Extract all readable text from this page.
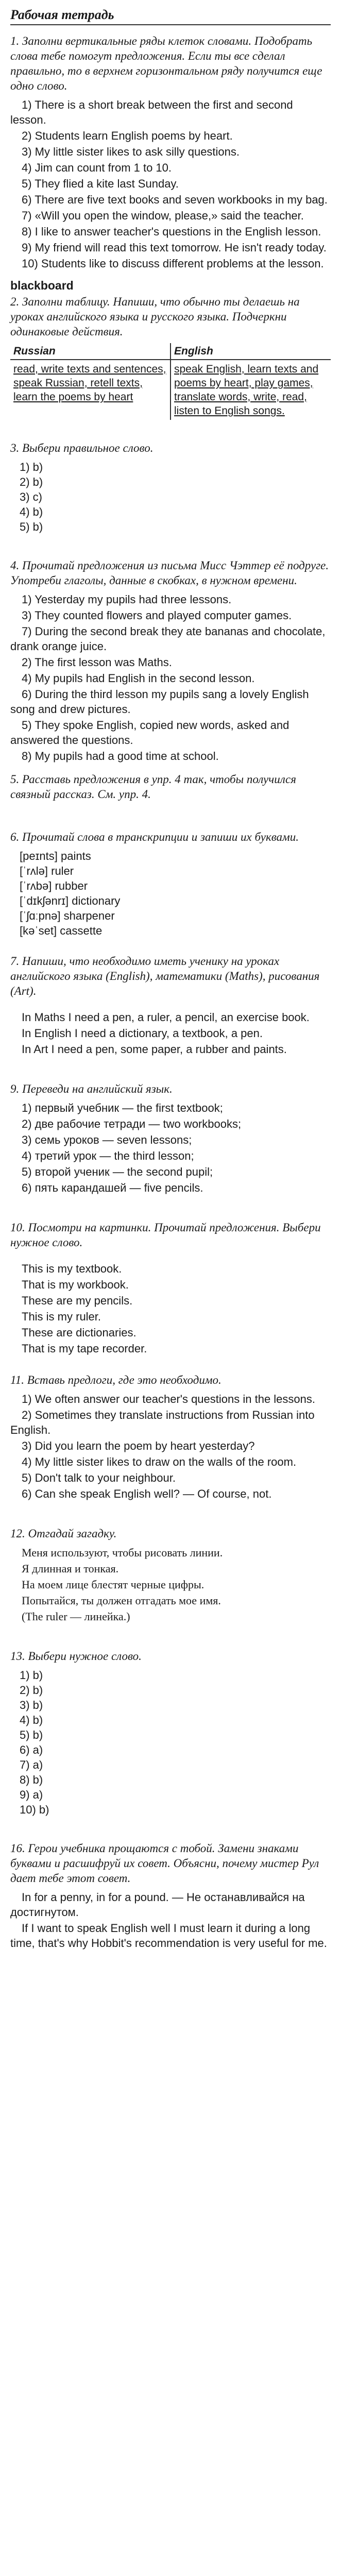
Рабочая тетрадь
1. Заполни вертикальные ряды клеток словами. Подобрать слова тебе помогут предложения. Если ты все сделал правильно, то в верхнем горизонтальном ряду получится еще одно слово.

1) There is a short break between the first and second lesson.

2) Students learn English poems by heart.

3) My little sister likes to ask silly questions.

4) Jim can count from 1 to 10.

5) They flied a kite last Sunday.

6) There are five text books and seven workbooks in my bag.

7) «Will you open the window, please,» said the teacher.

8) I like to answer teacher's questions in the English lesson.

9) My friend will read this text tomorrow. He isn't ready today.

10) Students like to discuss different problems at the lesson.

blackboard
2. Заполни таблицу. Напиши, что обычно ты делаешь на уроках английского языка и русского языка. Подчеркни одинаковые действия.
Russian	English
read, write texts and sentences, speak Russian, retell texts, learn the poems by heart	speak English, learn texts and poems by heart, play games, translate words, write, read, listen to English songs.
3. Выбери правильное слово.

1) b)

2) b)

3) c)

4) b)

5) b)

4. Прочитай предложения из письма Мисс Чэттер её подруге. Употреби глаголы, данные в скобках, в нужном времени.

1) Yesterday my pupils had three lessons.

3) They counted flowers and played computer games.

7) During the second break they ate bananas and chocolate, drank orange juice.

2) The first lesson was Maths.

4) My pupils had English in the second lesson.

6) During the third lesson my pupils sang a lovely English song and drew pictures.

5) They spoke English, copied new words, asked and answered the questions.

8) My pupils had a good time at school.

5. Расставь предложения в упр. 4 так, чтобы получился связный рассказ. См. упр. 4.
6. Прочитай слова в транскрипции и запиши их буквами.

[peɪnts] paints

[ˈrʌlə] ruler

[ˈrʌbə] rubber

[ˈdɪkʃənrɪ] dictionary

[ˈʃɑːpnə] sharpener

[kəˈset] cassette

7. Напиши, что необходимо иметь ученику на уроках английского языка (English), математики (Maths), рисования (Art).

In Maths I need a pen, a ruler, a pencil, an exercise book.

In English I need a dictionary, a textbook, a pen.

In Art I need a pen, some paper, a rubber and paints.

9. Переведи на английский язык.

1) первый учебник — the first textbook;

2) две рабочие тетради — two workbooks;

3) семь уроков — seven lessons;

4) третий урок — the third lesson;

5) второй ученик — the second pupil;

6) пять карандашей — five pencils.

10. Посмотри на картинки. Прочитай предложения. Выбери нужное слово.

This is my textbook.

That is my workbook.

These are my pencils.

This is my ruler.

These are dictionaries.

That is my tape recorder.

11. Вставь предлоги, где это необходимо.

1) We often answer our teacher's questions in the lessons.

2) Sometimes they translate instructions from Russian into English.

3) Did you learn the poem by heart yesterday?

4) My little sister likes to draw on the walls of the room.

5) Don't talk to your neighbour.

6) Can she speak English well? — Of course, not.

12. Отгадай загадку.

Меня используют, чтобы рисовать линии.

Я длинная и тонкая.

На моем лице блестят черные цифры.

Попытайся, ты должен отгадать мое имя.

(The ruler — линейка.)

13. Выбери нужное слово.

1) b)

2) b)

3) b)

4) b)

5) b)

6) a)

7) a)

8) b)

9) a)

10) b)

16. Герои учебника прощаются с тобой. Замени знаками буквами и расшифруй их совет. Объясни, почему мистер Рул дает тебе этот совет.

In for a penny, in for a pound. — He останавливайся на достигнутом.

If I want to speak English well I must learn it during a long time, that's why Hobbit's recommendation is very useful for me.
